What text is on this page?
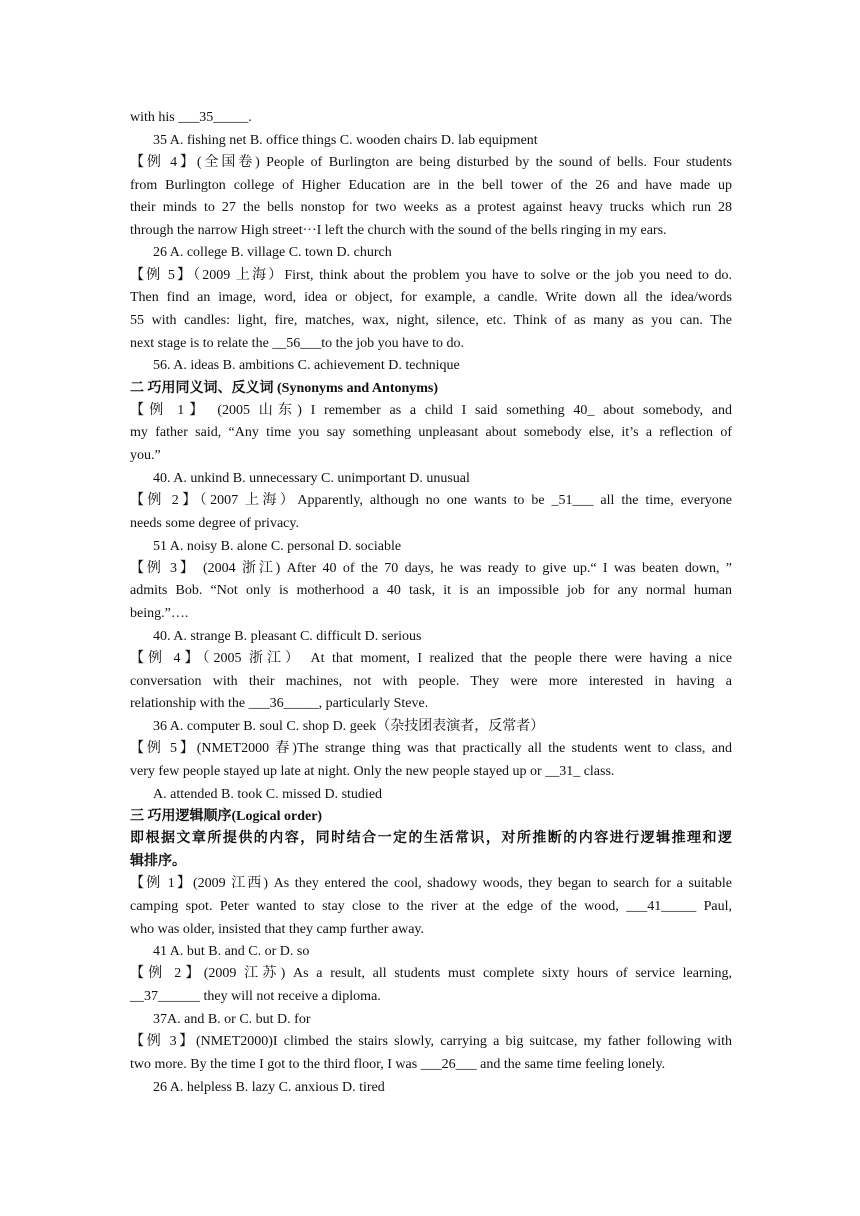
with his ___35_____.
35 A. fishing net B. office things C. wooden chairs D. lab equipment
【例 4】(全国卷) People of Burlington are being disturbed by the sound of bells. Four students
from Burlington college of Higher Education are in the bell tower of the 26 and have made up
their minds to 27 the bells nonstop for two weeks as a protest against heavy trucks which run 28
through the narrow High street···I left the church with the sound of the bells ringing in my ears.
26 A. college B. village C. town D. church
【例 5】（2009 上海）First, think about the problem you have to solve or the job you need to do.
Then find an image, word, idea or object, for example, a candle. Write down all the idea/words
55 with candles: light, fire, matches, wax, night, silence, etc. Think of as many as you can. The
next stage is to relate the __56___to the job you have to do.
56. A. ideas B. ambitions C. achievement D. technique
二 巧用同义词、反义词 (Synonyms and Antonyms)
【例 1】 (2005 山东) I remember as a child I said something 40_ about somebody, and
my father said, “Any time you say something unpleasant about somebody else, it’s a reflection of
you.”
40. A. unkind B. unnecessary C. unimportant D. unusual
【例 2】（2007 上海）Apparently, although no one wants to be _51___ all the time, everyone
needs some degree of privacy.
51 A. noisy B. alone C. personal D. sociable
【例 3】 (2004 浙江) After 40 of the 70 days, he was ready to give up.“ I was beaten down, ”
admits Bob. “Not only is motherhood a 40 task, it is an impossible job for any normal human
being.”….
40. A. strange B. pleasant C. difficult D. serious
【例 4】（2005 浙江） At that moment, I realized that the people there were having a nice
conversation with their machines, not with people. They were more interested in having a
relationship with the ___36_____, particularly Steve.
36 A. computer B. soul C. shop D. geek（杂技团表演者，反常者）
【例 5】(NMET2000 春)The strange thing was that practically all the students went to class, and
very few people stayed up late at night. Only the new people stayed up or __31_ class.
A. attended B. took C. missed D. studied
三 巧用逻辑顺序(Logical order)
即根据文章所提供的内容，同时结合一定的生活常识，对所推断的内容进行逻辑推理和逻
辑排序。
【例 1】(2009 江西) As they entered the cool, shadowy woods, they began to search for a suitable
camping spot. Peter wanted to stay close to the river at the edge of the wood, ___41_____ Paul,
who was older, insisted that they camp further away.
41 A. but B. and C. or D. so
【例 2】(2009 江苏) As a result, all students must complete sixty hours of service learning,
__37______ they will not receive a diploma.
37A. and B. or C. but D. for
【例 3】(NMET2000)I climbed the stairs slowly, carrying a big suitcase, my father following with
two more. By the time I got to the third floor, I was ___26___ and the same time feeling lonely.
26 A. helpless B. lazy C. anxious D. tired
